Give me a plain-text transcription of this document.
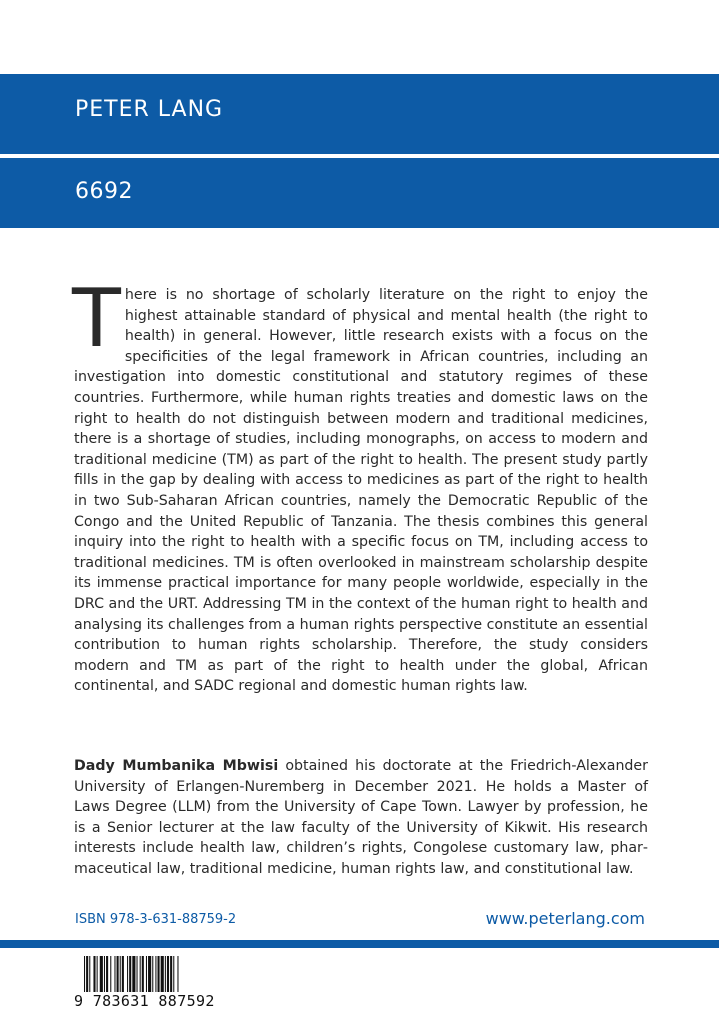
PETER LANG
6692

There is no shortage of scholarly literature on the right to enjoy the highest attainable standard of physical and mental health (the right to health) in general. However, little research exists with a focus on the specificities of the legal framework in African countries, including an investigation into domestic constitutional and statutory regimes of these countries. Furthermore, while human rights treaties and domestic laws on the right to health do not distinguish between modern and traditional medicines, there is a shortage of studies, including monographs, on access to modern and traditional medicine (TM) as part of the right to health. The present study partly fills in the gap by dealing with access to medicines as part of the right to health in two Sub-Saharan African countries, namely the Democratic Republic of the Congo and the United Republic of Tanzania. The thesis combines this general inquiry into the right to health with a specific focus on TM, including access to traditional medicines. TM is often overlooked in mainstream scholarship despite its immense practical importance for many people worldwide, especially in the DRC and the URT. Addressing TM in the context of the human right to health and analysing its challenges from a human rights perspective constitute an essential contribution to human rights scholarship. Therefore, the study considers modern and TM as part of the right to health under the global, African continental, and SADC regional and domestic human rights law.

Dady Mumbanika Mbwisi obtained his doctorate at the Friedrich-Alexander University of Erlangen-Nuremberg in December 2021. He holds a Master of Laws Degree (LLM) from the University of Cape Town. Lawyer by profession, he is a Senior lecturer at the law faculty of the University of Kikwit. His research interests include health law, children’s rights, Congolese customary law, pharmaceutical law, traditional medicine, human rights law, and constitutional law.

ISBN 978-3-631-88759-2	www.peterlang.com
9 783631 887592
